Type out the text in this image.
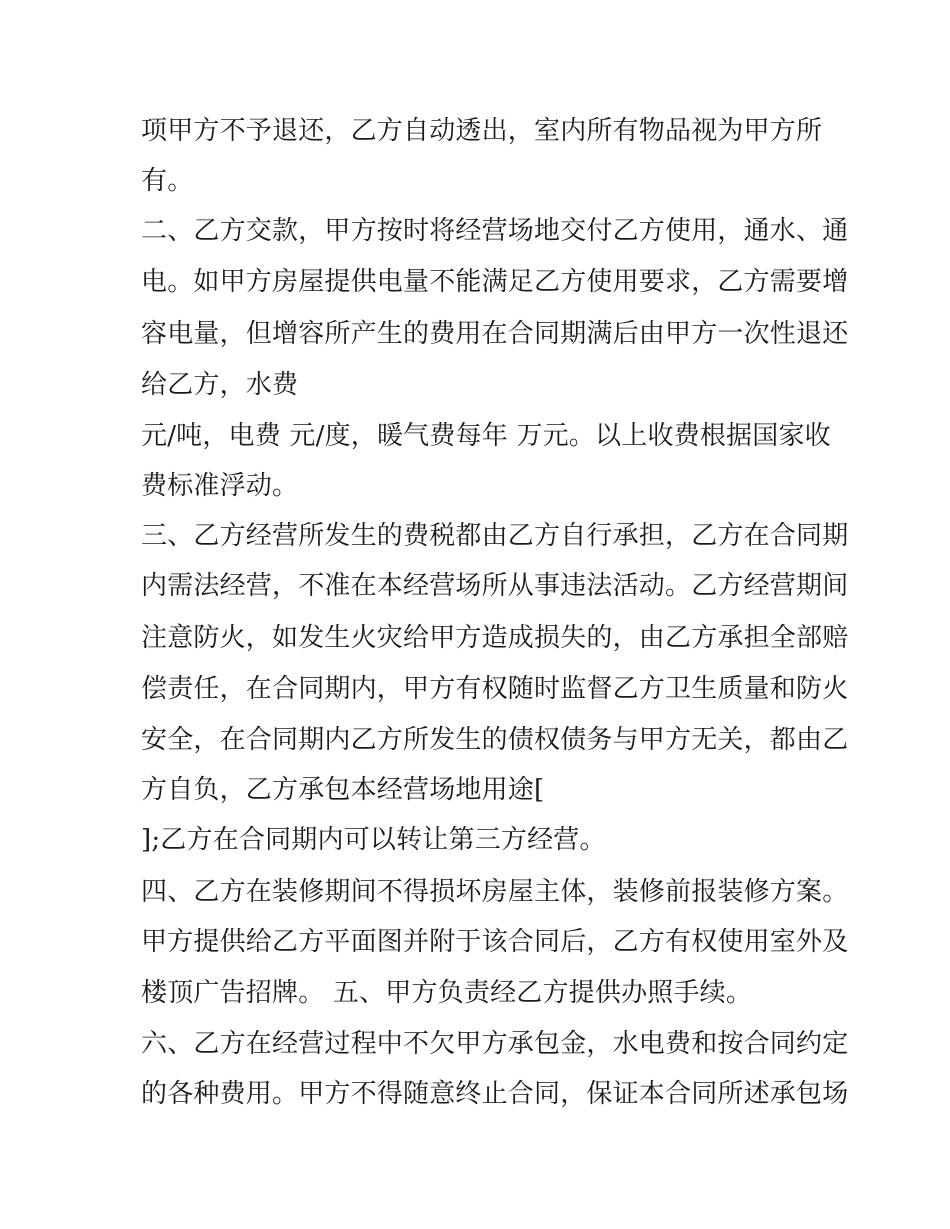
项甲方不予退还，乙方自动透出，室内所有物品视为甲方所
有。
二、乙方交款，甲方按时将经营场地交付乙方使用，通水、通
电。如甲方房屋提供电量不能满足乙方使用要求，乙方需要增
容电量，但增容所产生的费用在合同期满后由甲方一次性退还
给乙方，水费
元/吨，电费 元/度，暖气费每年 万元。以上收费根据国家收
费标准浮动。
三、乙方经营所发生的费税都由乙方自行承担，乙方在合同期
内需法经营，不准在本经营场所从事违法活动。乙方经营期间
注意防火，如发生火灾给甲方造成损失的，由乙方承担全部赔
偿责任，在合同期内，甲方有权随时监督乙方卫生质量和防火
安全，在合同期内乙方所发生的债权债务与甲方无关，都由乙
方自负，乙方承包本经营场地用途[
];乙方在合同期内可以转让第三方经营。
四、乙方在装修期间不得损坏房屋主体，装修前报装修方案。
甲方提供给乙方平面图并附于该合同后，乙方有权使用室外及
楼顶广告招牌。 五、甲方负责经乙方提供办照手续。
六、乙方在经营过程中不欠甲方承包金，水电费和按合同约定
的各种费用。甲方不得随意终止合同，保证本合同所述承包场
